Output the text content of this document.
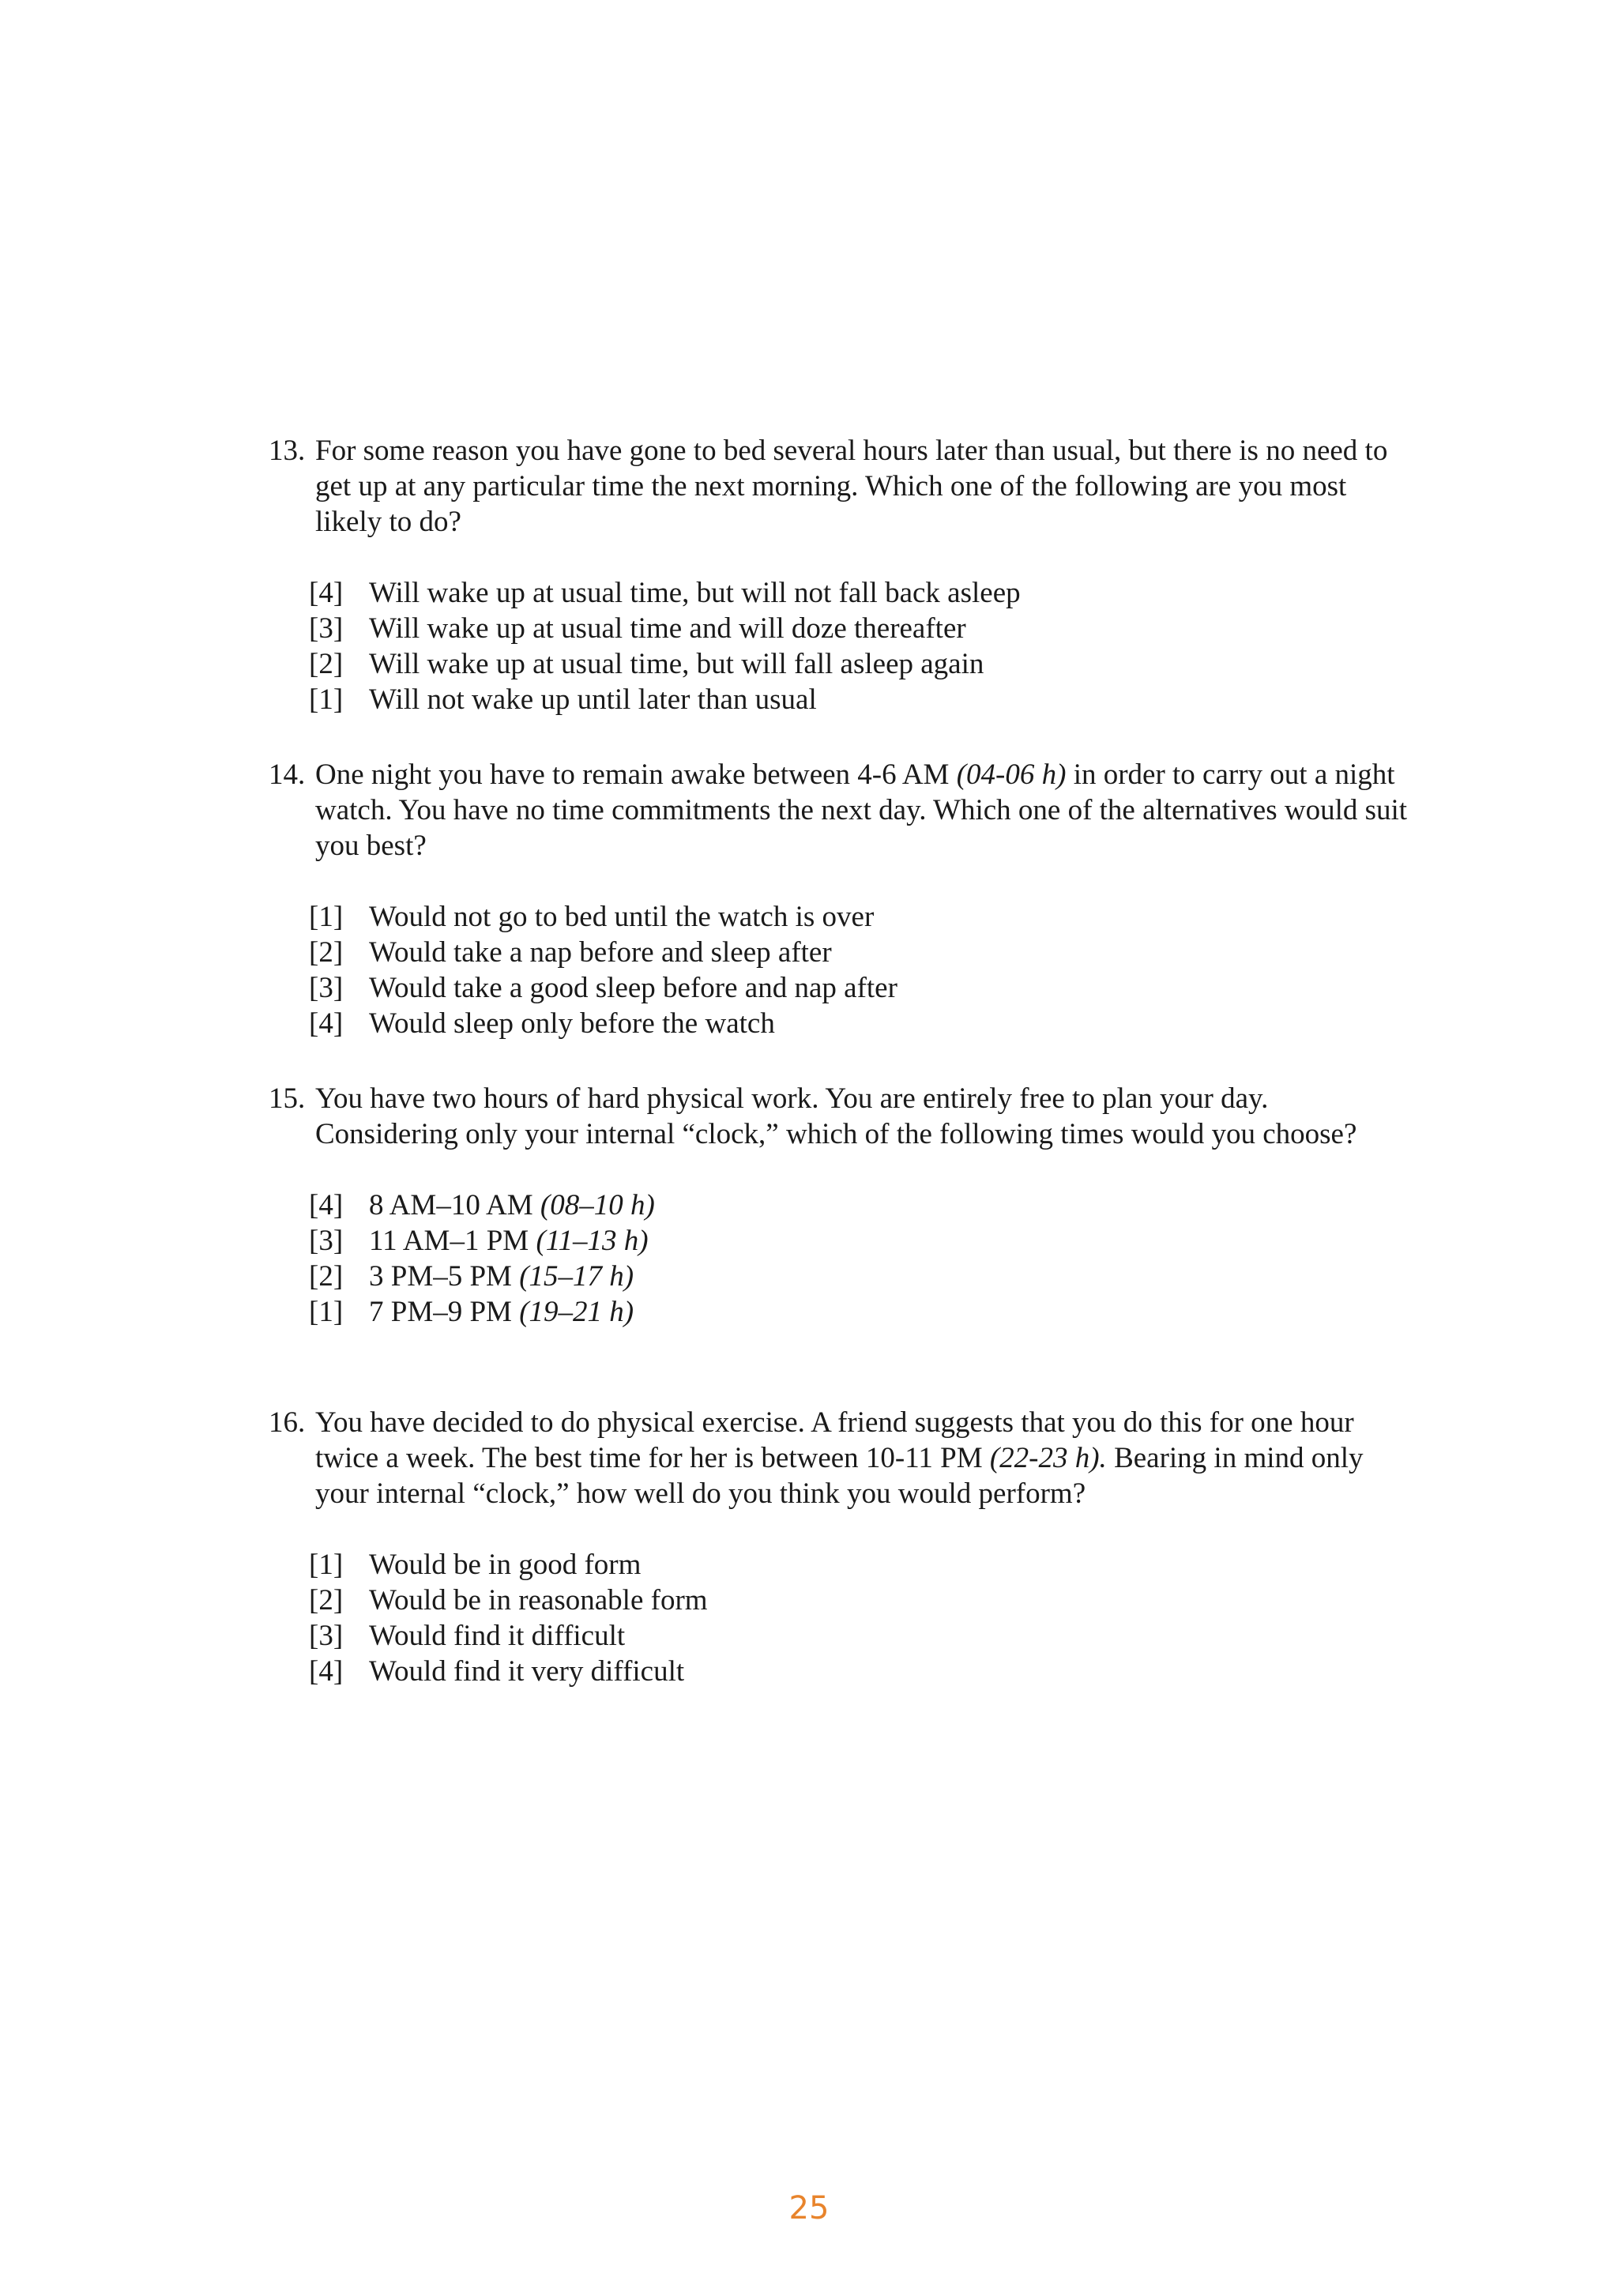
13. For some reason you have gone to bed several hours later than usual, but there is no need to get up at any particular time the next morning. Which one of the following are you most likely to do?

[4] Will wake up at usual time, but will not fall back asleep
[3] Will wake up at usual time and will doze thereafter
[2] Will wake up at usual time, but will fall asleep again
[1] Will not wake up until later than usual

14. One night you have to remain awake between 4-6 AM (04-06 h) in order to carry out a night watch. You have no time commitments the next day. Which one of the alternatives would suit you best?

[1] Would not go to bed until the watch is over
[2] Would take a nap before and sleep after
[3] Would take a good sleep before and nap after
[4] Would sleep only before the watch

15. You have two hours of hard physical work. You are entirely free to plan your day. Considering only your internal “clock,” which of the following times would you choose?

[4] 8 AM–10 AM (08–10 h)
[3] 11 AM–1 PM (11–13 h)
[2] 3 PM–5 PM (15–17 h)
[1] 7 PM–9 PM (19–21 h)

16. You have decided to do physical exercise. A friend suggests that you do this for one hour twice a week. The best time for her is between 10-11 PM (22-23 h). Bearing in mind only your internal “clock,” how well do you think you would perform?

[1] Would be in good form
[2] Would be in reasonable form
[3] Would find it difficult
[4] Would find it very difficult
25
